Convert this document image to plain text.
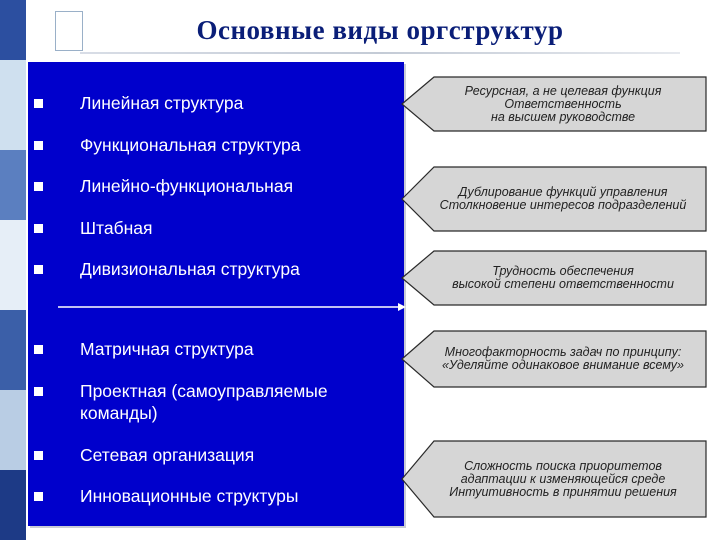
Основные виды оргструктур
Линейная структура
Функциональная структура
Линейно-функциональная
Штабная
Дивизиональная структура
Матричная структура
Проектная (самоуправляемые команды)
Сетевая организация
Инновационные структуры
Ресурсная, а не целевая функция
Ответственность
на высшем руководстве
Дублирование функций управления
Столкновение интересов подразделений
Трудность обеспечения
высокой степени ответственности
Многофакторность задач по принципу:
«Уделяйте одинаковое внимание всему»
Сложность поиска приоритетов
адаптации к изменяющейся среде
Интуитивность в принятии решения
